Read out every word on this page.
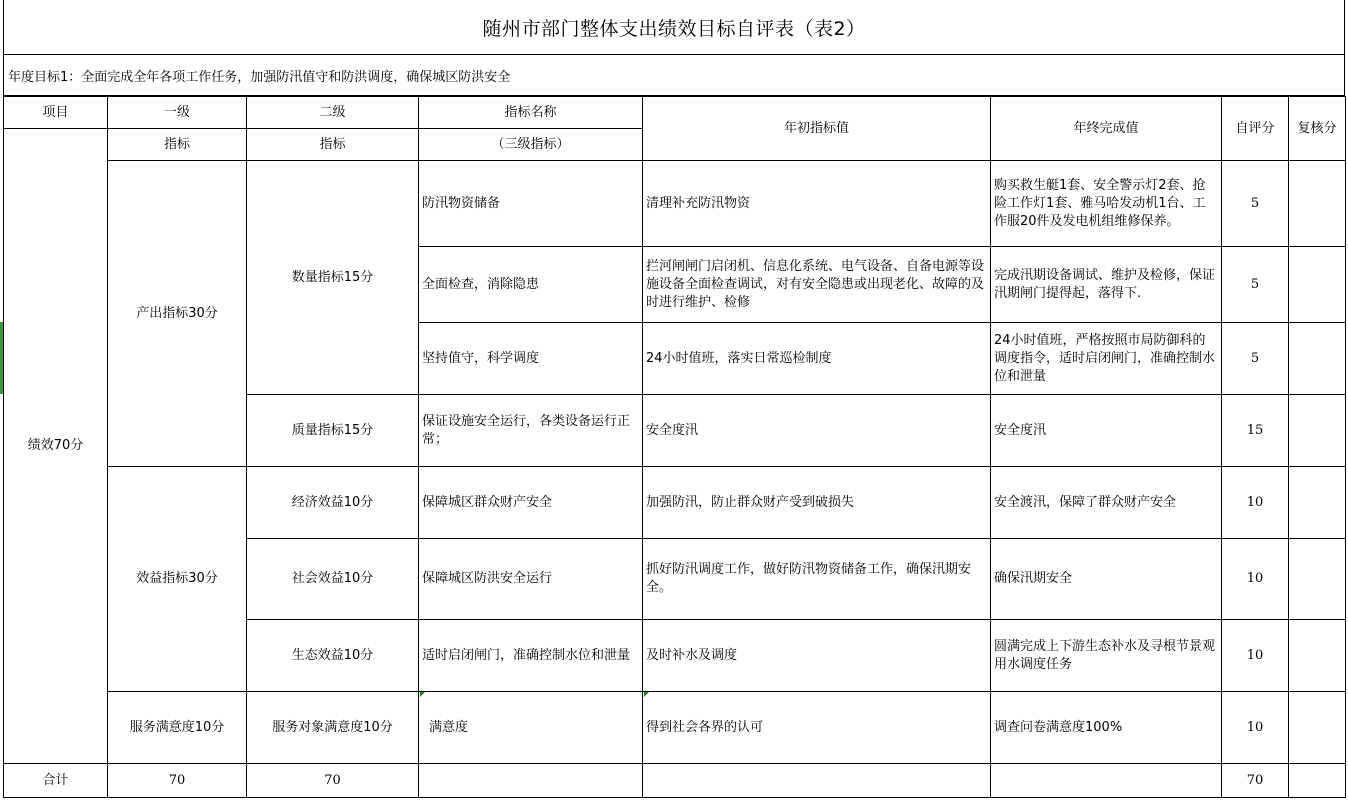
随州市部门整体支出绩效目标自评表（表2）
年度目标1：全面完成全年各项工作任务，加强防汛值守和防洪调度，确保城区防洪安全
项目	一级	二级	指标名称	年初指标值	年终完成值	自评分	复核分
绩效70分	指标	指标	（三级指标）				
	产出指标30分	数量指标15分	防汛物资储备	清理补充防汛物资	购买救生艇1套、安全警示灯2套、抢险工作灯1套、雅马哈发动机1台、工作服20件及发电机组维修保养。	5	
			全面检查，消除隐患	拦河闸闸门启闭机、信息化系统、电气设备、自备电源等设施设备全面检查调试，对有安全隐患或出现老化、故障的及时进行维护、检修	完成汛期设备调试、维护及检修，保证汛期闸门提得起，落得下.	5	
			坚持值守，科学调度	24小时值班，落实日常巡检制度	24小时值班，严格按照市局防御科的调度指令，适时启闭闸门，准确控制水位和泄量	5	
		质量指标15分	保证设施安全运行，各类设备运行正常；	安全度汛	安全度汛	15	
	效益指标30分	经济效益10分	保障城区群众财产安全	加强防汛，防止群众财产受到破损失	安全渡汛，保障了群众财产安全	10	
		社会效益10分	保障城区防洪安全运行	抓好防汛调度工作，做好防汛物资储备工作，确保汛期安全。	确保汛期安全	10	
		生态效益10分	适时启闭闸门，准确控制水位和泄量	及时补水及调度	圆满完成上下游生态补水及寻根节景观用水调度任务	10	
	服务满意度10分	服务对象满意度10分	满意度	得到社会各界的认可	调查问卷满意度100%	10	
合计	70	70				70	
